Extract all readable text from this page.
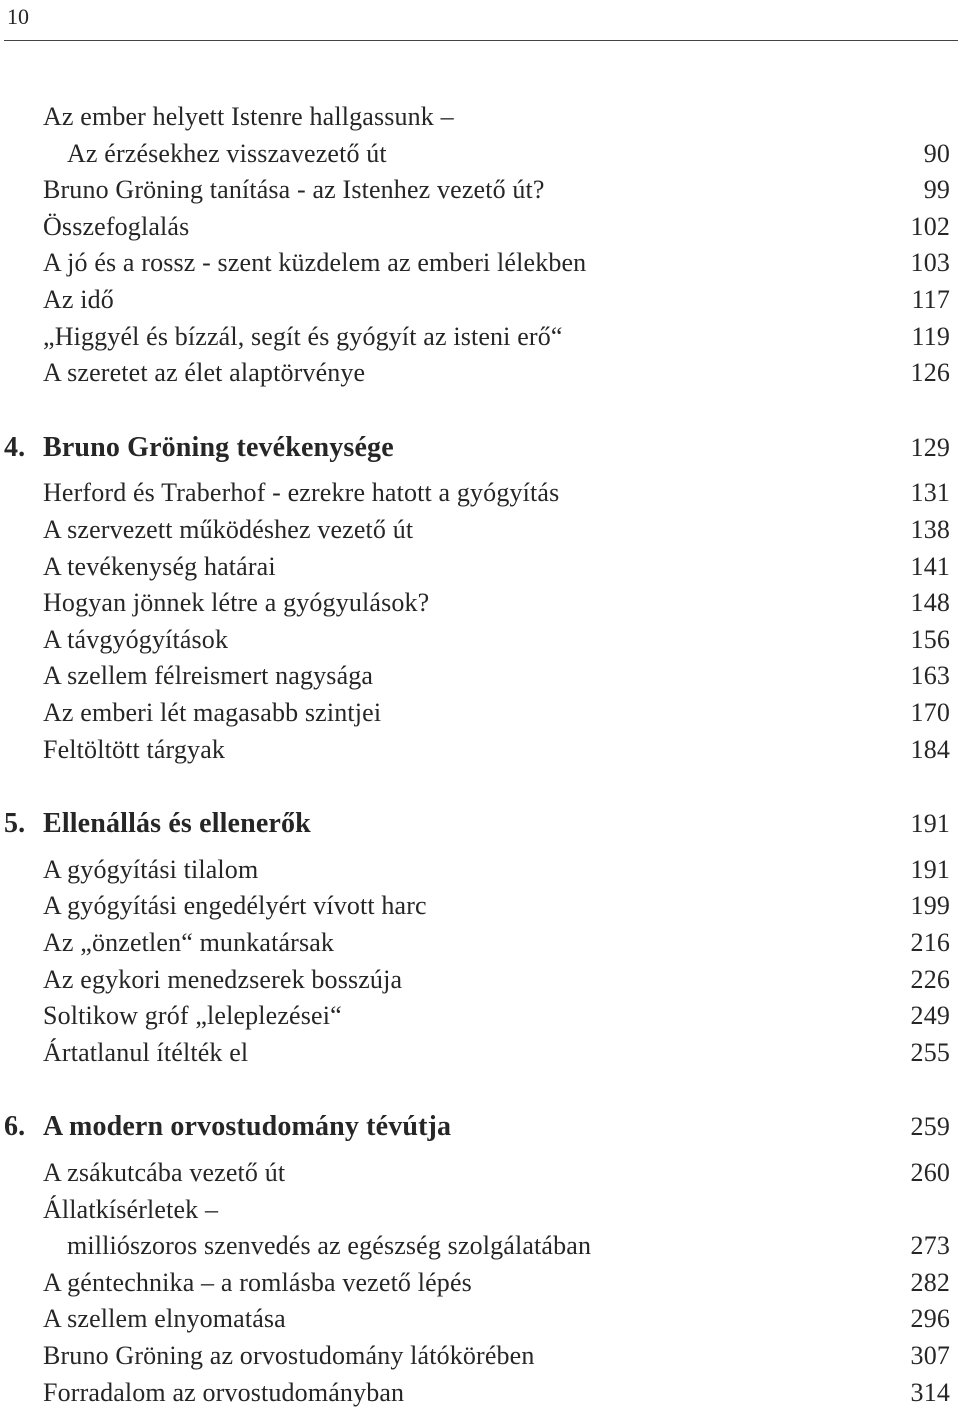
10
Az ember helyett Istenre hallgassunk –
Az érzésekhez visszavezető út	90
Bruno Gröning tanítása - az Istenhez vezető út?	99
Összefoglalás	102
A jó és a rossz - szent küzdelem az emberi lélekben	103
Az idő	117
„Higgyél és bízzál, segít és gyógyít az isteni erő“	119
A szeretet az élet alaptörvénye	126
4. Bruno Gröning tevékenysége	129
Herford és Traberhof - ezrekre hatott a gyógyítás	131
A szervezett működéshez vezető út	138
A tevékenység határai	141
Hogyan jönnek létre a gyógyulások?	148
A távgyógyítások	156
A szellem félreismert nagysága	163
Az emberi lét magasabb szintjei	170
Feltöltött tárgyak	184
5. Ellenállás és ellenerők	191
A gyógyítási tilalom	191
A gyógyítási engedélyért vívott harc	199
Az „önzetlen“ munkatársak	216
Az egykori menedzserek bosszúja	226
Soltikow gróf „leleplezései“	249
Ártatlanul ítélték el	255
6. A modern orvostudomány tévútja	259
A zsákutcába vezető út	260
Állatkísérletek –
milliószoros szenvedés az egészség szolgálatában	273
A géntechnika – a romlásba vezető lépés	282
A szellem elnyomatása	296
Bruno Gröning az orvostudomány látókörében	307
Forradalom az orvostudományban	314
